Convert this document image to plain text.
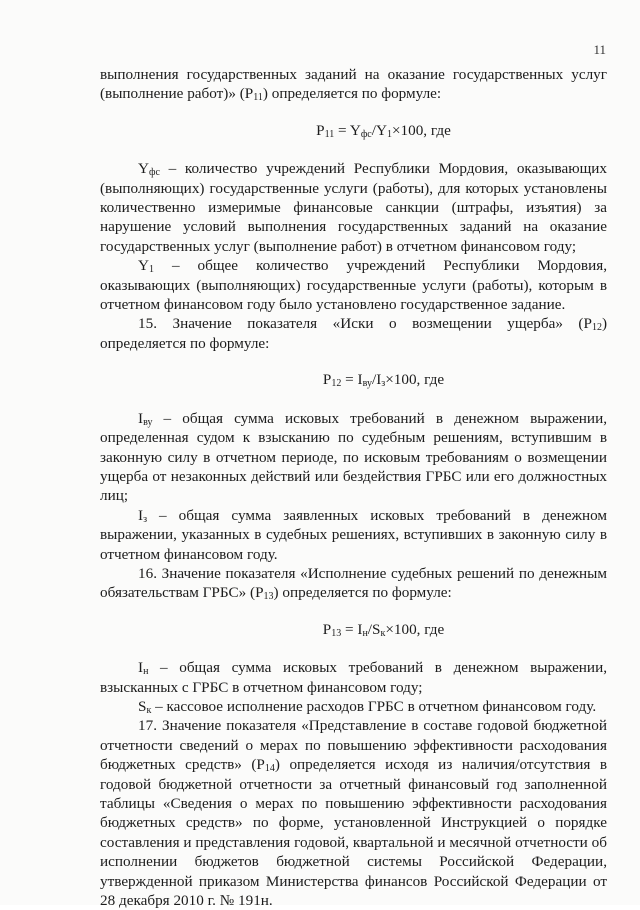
11

выполнения государственных заданий на оказание государственных услуг

(выполнение работ)» $(P_{11})$ определяется по формуле:

$P_{11} = Y_{фс}/Y_1\times 100$, где

$Y_{фс}$ – количество учреждений Республики Мордовия, оказывающих

(выполняющих) государственные услуги (работы), для которых установлены

количественно измеримые финансовые санкции (штрафы, изъятия) за

нарушение условий выполнения государственных заданий на оказание

государственных услуг (выполнение работ) в отчетном финансовом году;

$Y_1$ – общее количество учреждений Республики Мордовия,

оказывающих (выполняющих) государственные услуги (работы), которым в

отчетном финансовом году было установлено государственное задание.

15. Значение показателя «Иски о возмещении ущерба» $(P_{12})$

определяется по формуле:

$P_{12} = I_{ву}/I_з\times 100$, где

$I_{ву}$ – общая сумма исковых требований в денежном выражении,

определенная судом к взысканию по судебным решениям, вступившим в

законную силу в отчетном периоде, по исковым требованиям о возмещении

ущерба от незаконных действий или бездействия ГРБС или его должностных

лиц;

$I_з$ – общая сумма заявленных исковых требований в денежном

выражении, указанных в судебных решениях, вступивших в законную силу в

отчетном финансовом году.

16. Значение показателя «Исполнение судебных решений по денежным

обязательствам ГРБС» $(P_{13})$ определяется по формуле:

$P_{13} = I_н/S_к\times 100$, где

$I_н$ – общая сумма исковых требований в денежном выражении,

взысканных с ГРБС в отчетном финансовом году;

$S_к$ – кассовое исполнение расходов ГРБС в отчетном финансовом году.

17. Значение показателя «Представление в составе годовой бюджетной

отчетности сведений о мерах по повышению эффективности расходования

бюджетных средств» $(P_{14})$ определяется исходя из наличия/отсутствия в

годовой бюджетной отчетности за отчетный финансовый год заполненной

таблицы «Сведения о мерах по повышению эффективности расходования

бюджетных средств» по форме, установленной Инструкцией о порядке

составления и представления годовой, квартальной и месячной отчетности об

исполнении бюджетов бюджетной системы Российской Федерации,

утвержденной приказом Министерства финансов Российской Федерации от

28 декабря 2010 г. № 191н.
